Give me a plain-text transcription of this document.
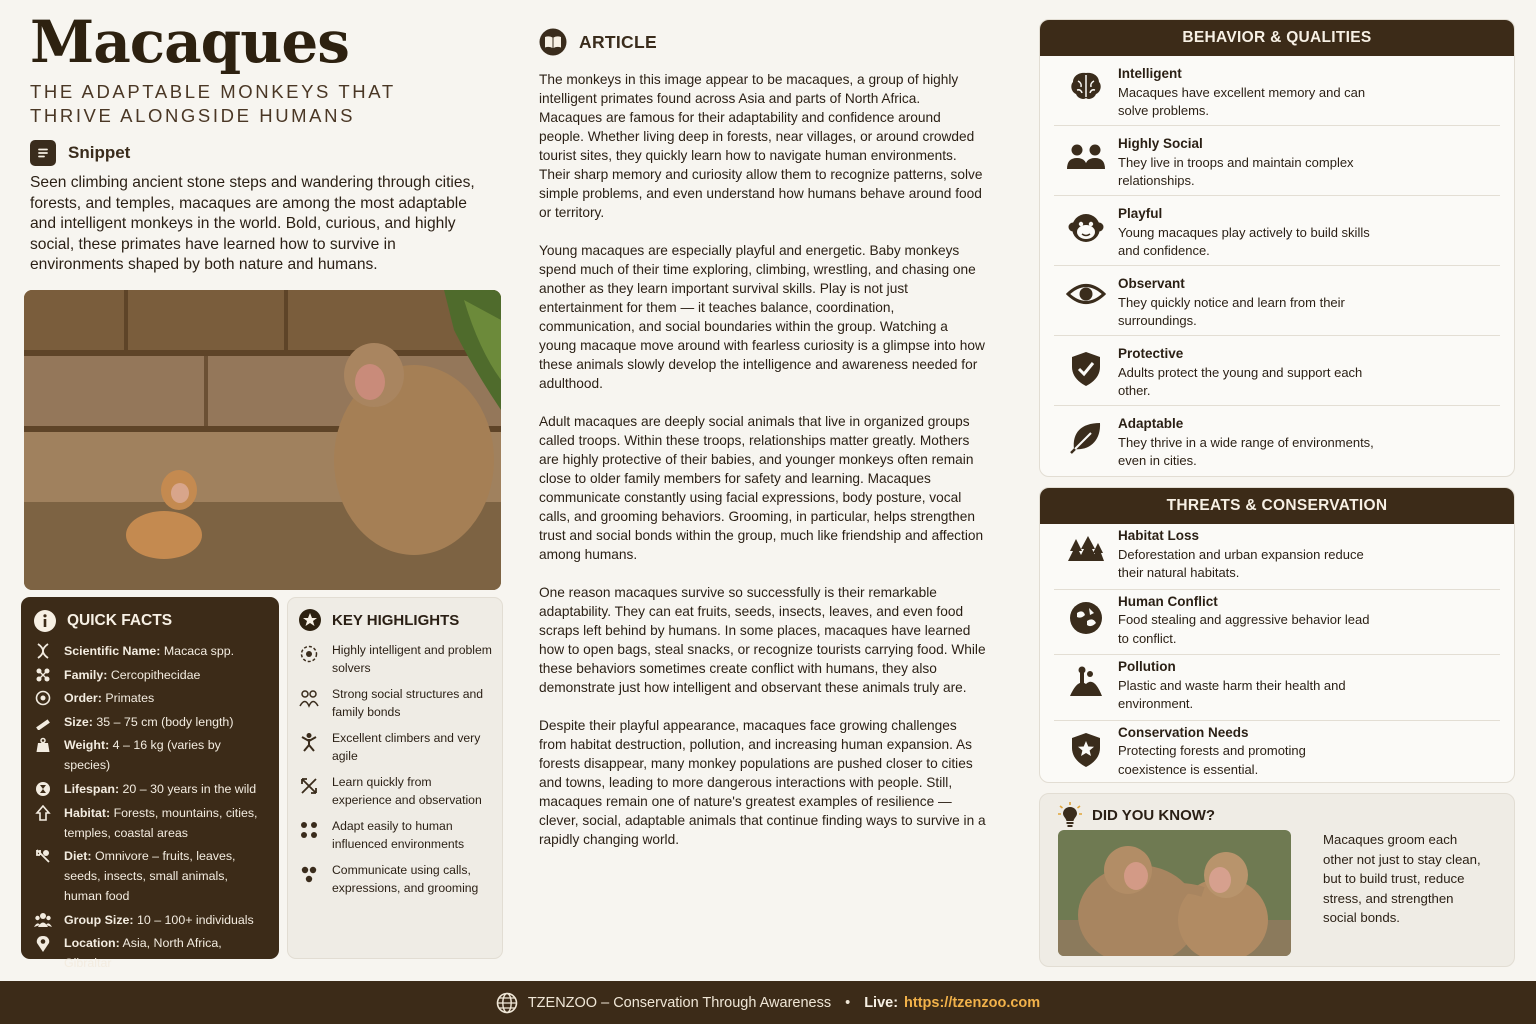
Macaques
THE ADAPTABLE MONKEYS THAT THRIVE ALONGSIDE HUMANS
Snippet

Seen climbing ancient stone steps and wandering through cities, forests, and temples, macaques are among the most adaptable and intelligent monkeys in the world. Bold, curious, and highly social, these primates have learned how to survive in environments shaped by both nature and humans.

QUICK FACTS
Scientific Name: Macaca spp.
Family: Cercopithecidae
Order: Primates
Size: 35 – 75 cm (body length)
Weight: 4 – 16 kg (varies by species)
Lifespan: 20 – 30 years in the wild
Habitat: Forests, mountains, cities, temples, coastal areas
Diet: Omnivore – fruits, leaves, seeds, insects, small animals, human food
Group Size: 10 – 100+ individuals
Location: Asia, North Africa, Gibraltar
KEY HIGHLIGHTS
Highly intelligent and problem solvers
Strong social structures and family bonds
Excellent climbers and very agile
Learn quickly from experience and observation
Adapt easily to human influenced environments
Communicate using calls, expressions, and grooming
ARTICLE

The monkeys in this image appear to be macaques, a group of highly intelligent primates found across Asia and parts of North Africa. Macaques are famous for their adaptability and confidence around people. Whether living deep in forests, near villages, or around crowded tourist sites, they quickly learn how to navigate human environments. Their sharp memory and curiosity allow them to recognize patterns, solve simple problems, and even understand how humans behave around food or territory.

Young macaques are especially playful and energetic. Baby monkeys spend much of their time exploring, climbing, wrestling, and chasing one another as they learn important survival skills. Play is not just entertainment for them — it teaches balance, coordination, communication, and social boundaries within the group. Watching a young macaque move around with fearless curiosity is a glimpse into how these animals slowly develop the intelligence and awareness needed for adulthood.

Adult macaques are deeply social animals that live in organized groups called troops. Within these troops, relationships matter greatly. Mothers are highly protective of their babies, and younger monkeys often remain close to older family members for safety and learning. Macaques communicate constantly using facial expressions, body posture, vocal calls, and grooming behaviors. Grooming, in particular, helps strengthen trust and social bonds within the group, much like friendship and affection among humans.

One reason macaques survive so successfully is their remarkable adaptability. They can eat fruits, seeds, insects, leaves, and even food scraps left behind by humans. In some places, macaques have learned how to open bags, steal snacks, or recognize tourists carrying food. While these behaviors sometimes create conflict with humans, they also demonstrate just how intelligent and observant these animals truly are.

Despite their playful appearance, macaques face growing challenges from habitat destruction, pollution, and increasing human expansion. As forests disappear, many monkey populations are pushed closer to cities and towns, leading to more dangerous interactions with people. Still, macaques remain one of nature's greatest examples of resilience — clever, social, adaptable animals that continue finding ways to survive in a rapidly changing world.

BEHAVIOR & QUALITIES
Intelligent
Macaques have excellent memory and can solve problems.
Highly Social
They live in troops and maintain complex relationships.
Playful
Young macaques play actively to build skills and confidence.
Observant
They quickly notice and learn from their surroundings.
Protective
Adults protect the young and support each other.
Adaptable
They thrive in a wide range of environments, even in cities.
THREATS & CONSERVATION
Habitat Loss
Deforestation and urban expansion reduce their natural habitats.
Human Conflict
Food stealing and aggressive behavior lead to conflict.
Pollution
Plastic and waste harm their health and environment.
Conservation Needs
Protecting forests and promoting coexistence is essential.
DID YOU KNOW?
Macaques groom each other not just to stay clean, but to build trust, reduce stress, and strengthen social bonds.
TZENZOO – Conservation Through Awareness • Live: https://tzenzoo.com
